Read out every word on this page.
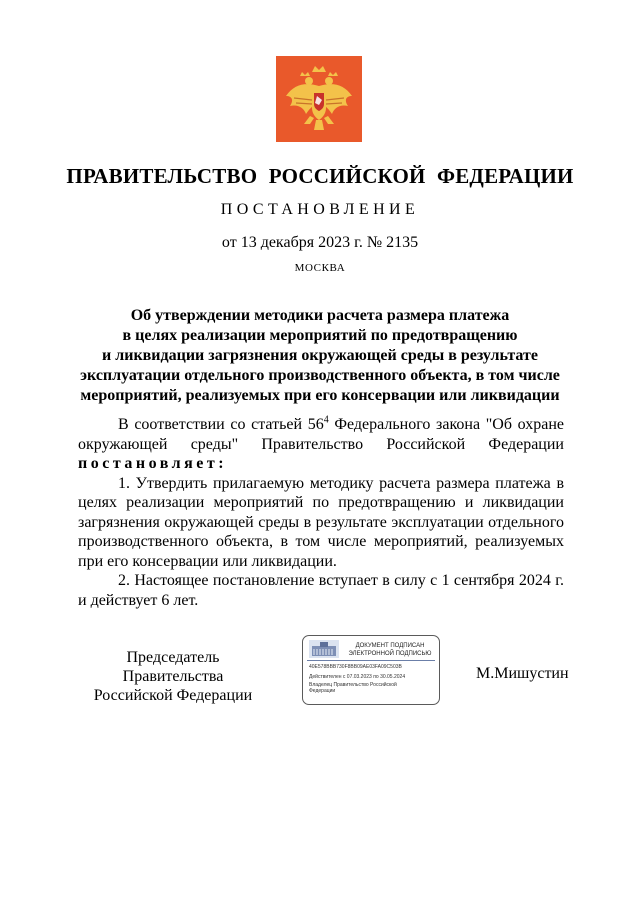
ПРАВИТЕЛЬСТВО РОССИЙСКОЙ ФЕДЕРАЦИИ
ПОСТАНОВЛЕНИЕ
от 13 декабря 2023 г. № 2135
МОСКВА
Об утверждении методики расчета размера платежа
в целях реализации мероприятий по предотвращению
и ликвидации загрязнения окружающей среды в результате
эксплуатации отдельного производственного объекта, в том числе
мероприятий, реализуемых при его консервации или ликвидации

В соответствии со статьей $56^4$ Федерального закона "Об охране окружающей среды" Правительство Российской Федерации постановляет:

1. Утвердить прилагаемую методику расчета размера платежа в целях реализации мероприятий по предотвращению и ликвидации загрязнения окружающей среды в результате эксплуатации отдельного производственного объекта, в том числе мероприятий, реализуемых при его консервации или ликвидации.

2. Настоящее постановление вступает в силу с 1 сентября 2024 г. и действует 6 лет.

Председатель Правительства
Российской Федерации
ДОКУМЕНТ ПОДПИСАН
ЭЛЕКТРОННОЙ ПОДПИСЬЮ
40E578BBB730F8BB09AE03FA09C503B
Действителен с 07.03.2023 по 30.05.2024
Владелец Правительство Российской
Федерации
М.Мишустин
